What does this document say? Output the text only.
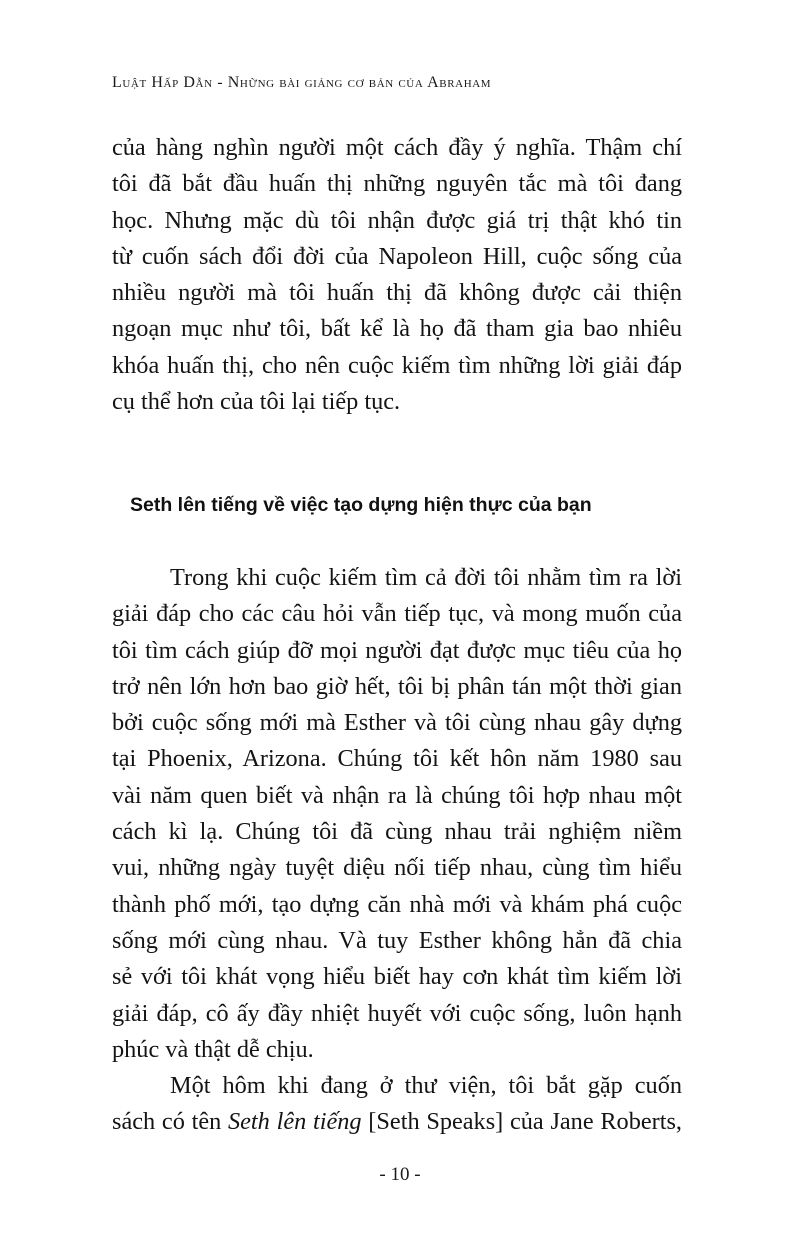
Luật Hấp Dẫn - Những bài giảng cơ bản của Abraham
của hàng nghìn người một cách đầy ý nghĩa. Thậm chí
tôi đã bắt đầu huấn thị những nguyên tắc mà tôi đang
học. Nhưng mặc dù tôi nhận được giá trị thật khó tin
từ cuốn sách đổi đời của Napoleon Hill, cuộc sống của
nhiều người mà tôi huấn thị đã không được cải thiện
ngoạn mục như tôi, bất kể là họ đã tham gia bao nhiêu
khóa huấn thị, cho nên cuộc kiếm tìm những lời giải đáp
cụ thể hơn của tôi lại tiếp tục.
Seth lên tiếng về việc tạo dựng hiện thực của bạn
Trong khi cuộc kiếm tìm cả đời tôi nhằm tìm ra lời
giải đáp cho các câu hỏi vẫn tiếp tục, và mong muốn của
tôi tìm cách giúp đỡ mọi người đạt được mục tiêu của họ
trở nên lớn hơn bao giờ hết, tôi bị phân tán một thời gian
bởi cuộc sống mới mà Esther và tôi cùng nhau gây dựng
tại Phoenix, Arizona. Chúng tôi kết hôn năm 1980 sau
vài năm quen biết và nhận ra là chúng tôi hợp nhau một
cách kì lạ. Chúng tôi đã cùng nhau trải nghiệm niềm
vui, những ngày tuyệt diệu nối tiếp nhau, cùng tìm hiểu
thành phố mới, tạo dựng căn nhà mới và khám phá cuộc
sống mới cùng nhau. Và tuy Esther không hẳn đã chia
sẻ với tôi khát vọng hiểu biết hay cơn khát tìm kiếm lời
giải đáp, cô ấy đầy nhiệt huyết với cuộc sống, luôn hạnh
phúc và thật dễ chịu.
Một hôm khi đang ở thư viện, tôi bắt gặp cuốn
sách có tên Seth lên tiếng [Seth Speaks] của Jane Roberts,
- 10 -
